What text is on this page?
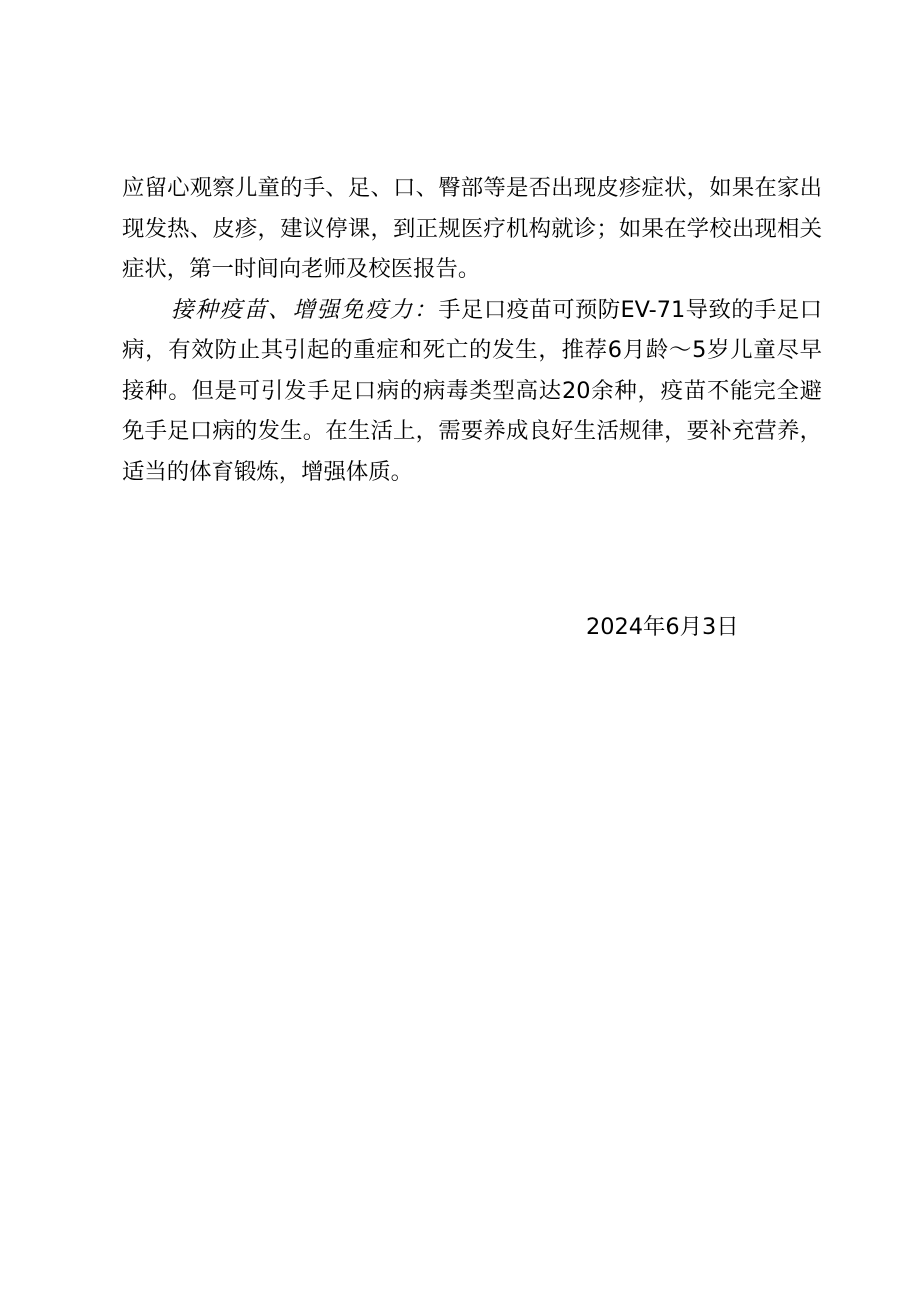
应留心观察儿童的手、足、口、臀部等是否出现皮疹症状，如果在家出现发热、皮疹，建议停课，到正规医疗机构就诊；如果在学校出现相关症状，第一时间向老师及校医报告。

接种疫苗、增强免疫力：手足口疫苗可预防EV-71导致的手足口病，有效防止其引起的重症和死亡的发生，推荐6月龄～5岁儿童尽早接种。但是可引发手足口病的病毒类型高达20余种，疫苗不能完全避免手足口病的发生。在生活上，需要养成良好生活规律，要补充营养，适当的体育锻炼，增强体质。

2024年6月3日
